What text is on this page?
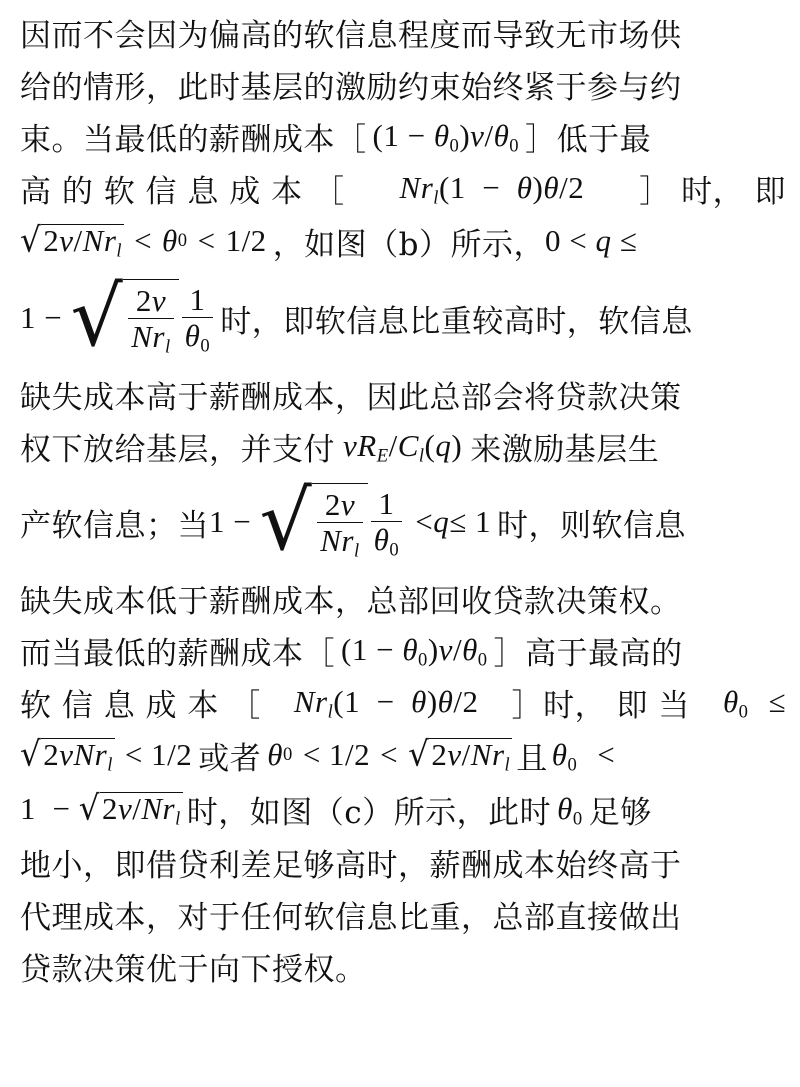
因而不会因为偏高的软信息程度而导致无市场供
给的情形，此时基层的激励约束始终紧于参与约
束。当最低的薪酬成本［ $(1 - \theta_0)v/\theta_0$ ］低于最
高 的 软 信 息 成 本 ［ $Nr_l(1 - \theta)\theta/2$ ］ 时， 即
√ $2v/Nr_l < \theta$ 0 < 1/2 ，如图（b）所示， 0 < q ≤
1 − √ $\frac{2v}{Nr_l} \frac{1}{\theta_0}$ 时，即软信息比重较高时，软信息
缺失成本高于薪酬成本，因此总部会将贷款决策
权下放给基层，并支付 $vR_E/C_l(q)$ 来激励基层生
产软信息；当 1 − √ $\frac{2v}{Nr_l} \frac{1}{\theta_0} < q \le 1$ 时，则软信息
缺失成本低于薪酬成本，总部回收贷款决策权。
而当最低的薪酬成本［ $(1 - \theta_0)v/\theta_0$ ］高于最高的
软 信 息 成 本 ［ $Nr_l(1 - \theta)\theta/2$ ］时， 即 当 $\theta_0$ ≤
√ 2vNr$_l$ < 1/2 或者 θ 0 < 1/2
< √ $2v/Nr_l$ 且 $\theta_0$ <
1  − √ $2v/Nr_l$ 时，如图（c）所示，此时 $\theta_0$ 足够
地小，即借贷利差足够高时，薪酬成本始终高于
代理成本，对于任何软信息比重，总部直接做出
贷款决策优于向下授权。
